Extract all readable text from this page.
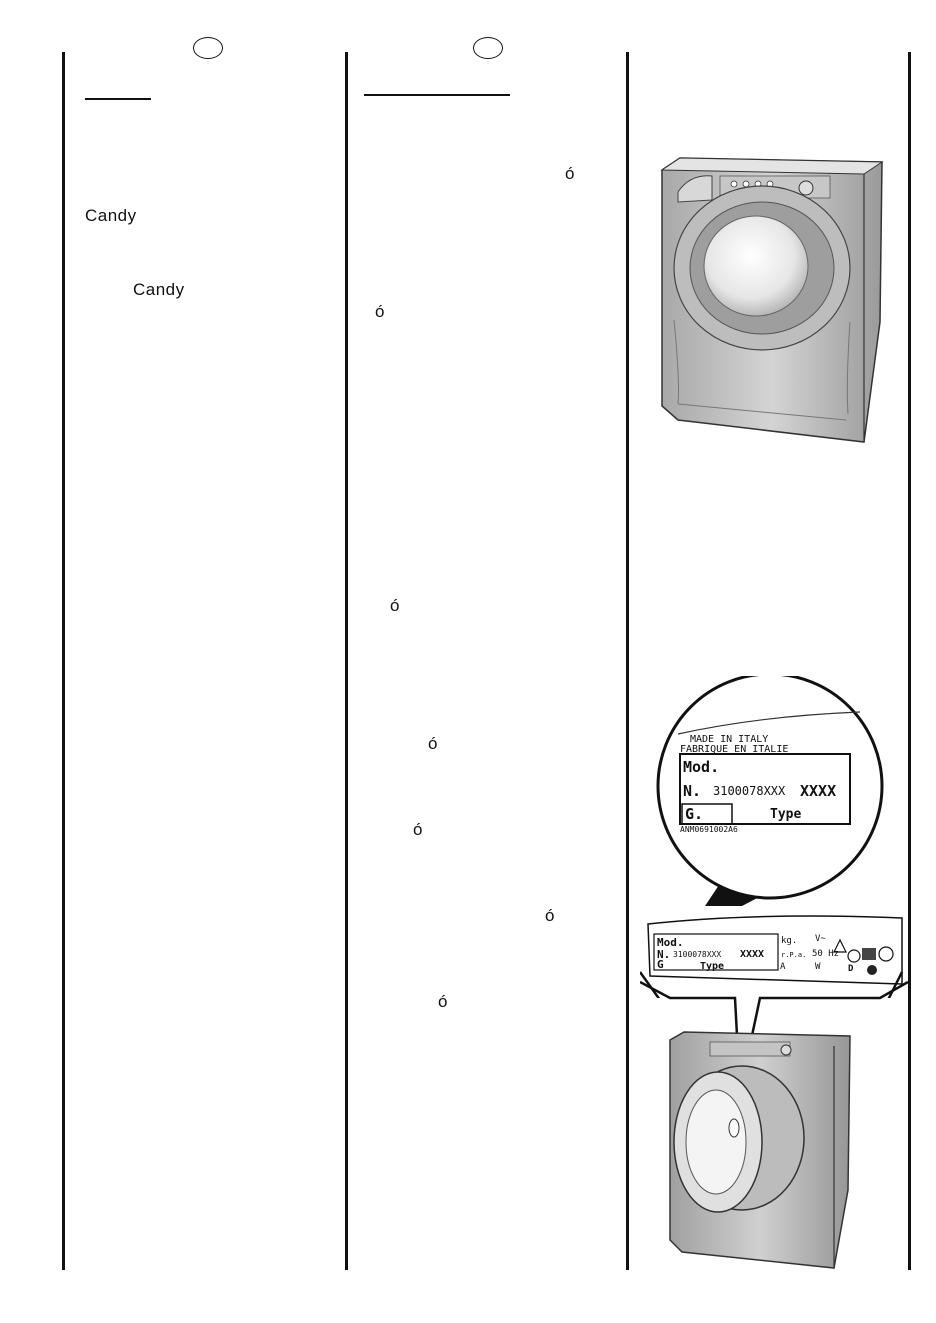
Candy
Candy
ó
ó
ó
ó
ó
ó
ó
MADE IN ITALY
FABRIQUE EN ITALIE
Mod.
N. 3100078XXX XXXX
G.	Type
ANM0691002A6
Mod.	kg. V~
N. 3100078XXX XXXX r.P.a. 50 Hz
G	Type	A	W	D
